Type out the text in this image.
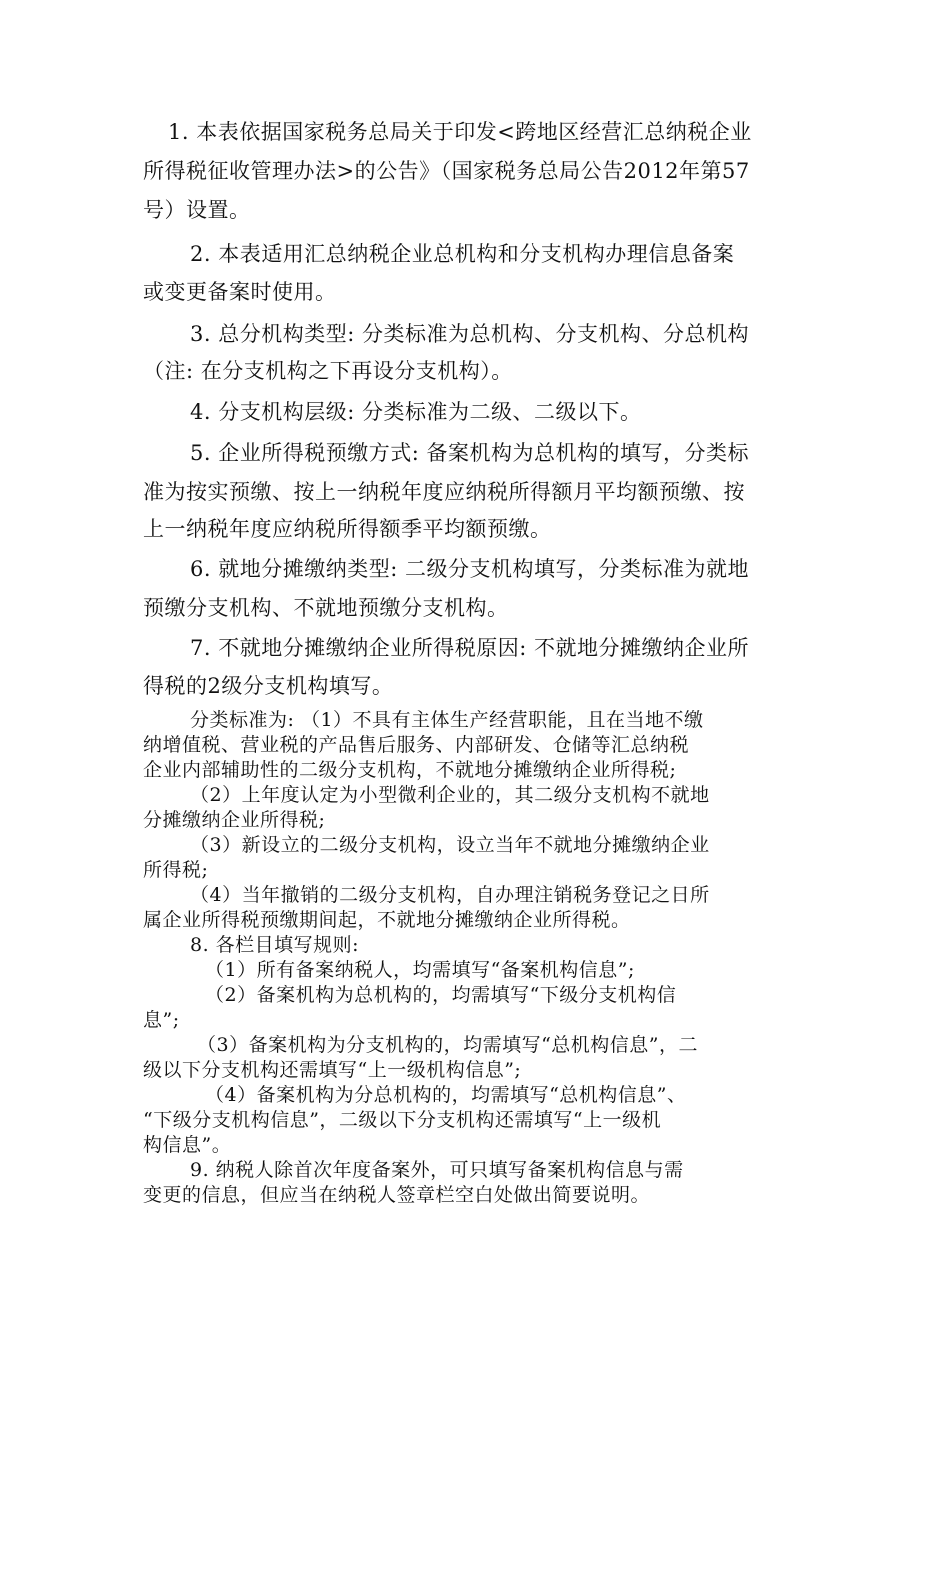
1. 本表依据国家税务总局关于印发<跨地区经营汇总纳税企业
所得税征收管理办法>的公告》（国家税务总局公告2012年第57
号）设置。
2. 本表适用汇总纳税企业总机构和分支机构办理信息备案
或变更备案时使用。
3. 总分机构类型: 分类标准为总机构、分支机构、分总机构
（注: 在分支机构之下再设分支机构）。
4. 分支机构层级: 分类标准为二级、二级以下。
5. 企业所得税预缴方式: 备案机构为总机构的填写，分类标
准为按实预缴、按上一纳税年度应纳税所得额月平均额预缴、按
上一纳税年度应纳税所得额季平均额预缴。
6. 就地分摊缴纳类型: 二级分支机构填写，分类标准为就地
预缴分支机构、不就地预缴分支机构。
7. 不就地分摊缴纳企业所得税原因: 不就地分摊缴纳企业所
得税的2级分支机构填写。
分类标准为: （1）不具有主体生产经营职能，且在当地不缴
纳增值税、营业税的产品售后服务、内部研发、仓储等汇总纳税
企业内部辅助性的二级分支机构，不就地分摊缴纳企业所得税;
（2）上年度认定为小型微利企业的，其二级分支机构不就地
分摊缴纳企业所得税;
（3）新设立的二级分支机构，设立当年不就地分摊缴纳企业
所得税;
（4）当年撤销的二级分支机构，自办理注销税务登记之日所
属企业所得税预缴期间起，不就地分摊缴纳企业所得税。
8. 各栏目填写规则:
（1）所有备案纳税人，均需填写“备案机构信息”;
（2）备案机构为总机构的，均需填写“下级分支机构信
息”;
（3）备案机构为分支机构的，均需填写“总机构信息”，二
级以下分支机构还需填写“上一级机构信息”;
（4）备案机构为分总机构的，均需填写“总机构信息”、
“下级分支机构信息”，二级以下分支机构还需填写“上一级机
构信息”。
9. 纳税人除首次年度备案外，可只填写备案机构信息与需
变更的信息，但应当在纳税人签章栏空白处做出简要说明。
